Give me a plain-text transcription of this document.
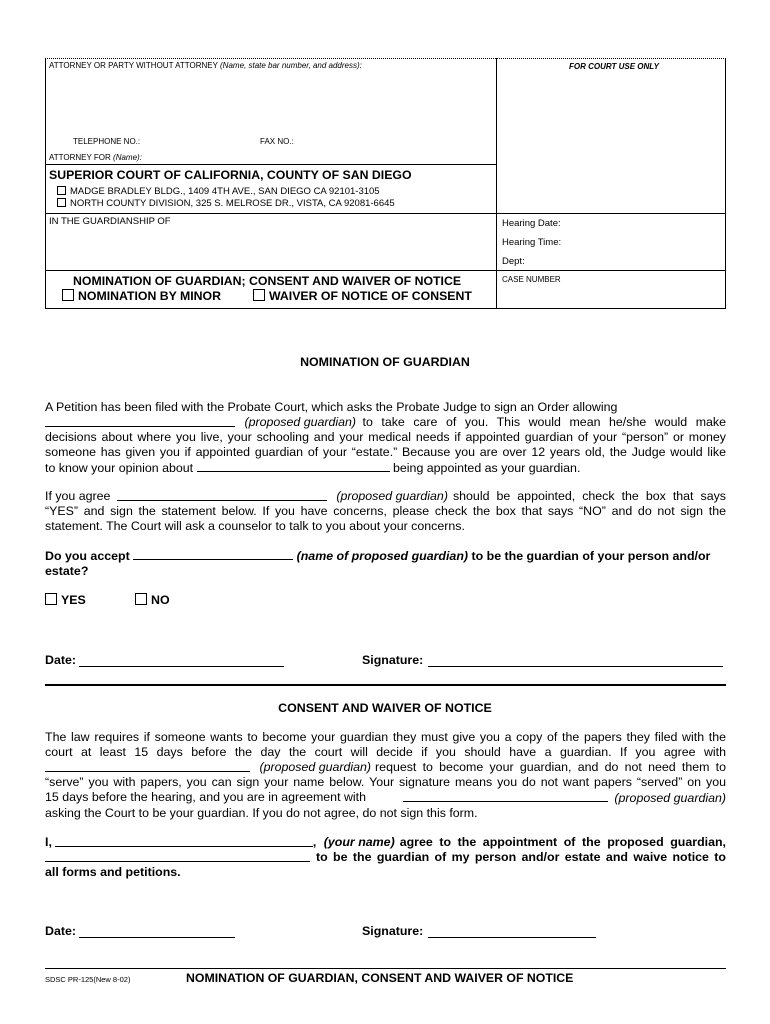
ATTORNEY OR PARTY WITHOUT ATTORNEY (Name, state bar number, and address):	FOR COURT USE ONLY
TELEPHONE NO.:	FAX NO.:
ATTORNEY FOR (Name):
SUPERIOR COURT OF CALIFORNIA, COUNTY OF SAN DIEGO
MADGE BRADLEY BLDG., 1409 4TH AVE., SAN DIEGO CA 92101-3105
NORTH COUNTY DIVISION, 325 S. MELROSE DR., VISTA, CA 92081-6645
IN THE GUARDIANSHIP OF	Hearing Date:
Hearing Time:
Dept:
NOMINATION OF GUARDIAN; CONSENT AND WAIVER OF NOTICE
NOMINATION BY MINOR	WAIVER OF NOTICE OF CONSENT
CASE NUMBER
NOMINATION OF GUARDIAN

A Petition has been filed with the Probate Court, which asks the Probate Judge to sign an Order allowing

(proposed guardian)
to take care of you. This would mean he/she would make

decisions about where you live, your schooling and your medical needs if appointed guardian of your “person” or money

someone has given you if appointed guardian of your “estate.” Because you are over 12 years old, the Judge would like

to know your opinion about	being appointed as your guardian.

If you agree

	(proposed guardian) should be appointed, check the box that says

“YES” and sign the statement below. If you have concerns, please check the box that says “NO” and do not sign the

statement. The Court will ask a counselor to talk to you about your concerns.

Do you accept	(name of proposed guardian) to be the guardian of your person and/or

estate?

YES	NO
Date:	Signature:
CONSENT AND WAIVER OF NOTICE

The law requires if someone wants to become your guardian they must give you a copy of the papers they filed with the

court at least 15 days before the day the court will decide if you should have a guardian. If you agree with

(proposed guardian) request to become your guardian, and do not need them to

“serve” you with papers, you can sign your name below. Your signature means you do not want papers “served” on you

15 days before the hearing, and you are in agreement with	(proposed guardian)

asking the Court to be your guardian. If you do not agree, do not sign this form.

I,	, (your name) agree to the appointment of the proposed guardian,

to be the guardian of my person and/or estate and waive notice to

all forms and petitions.

Date:	Signature:
SDSC PR-125(New 8-02)	NOMINATION OF GUARDIAN, CONSENT AND WAIVER OF NOTICE
